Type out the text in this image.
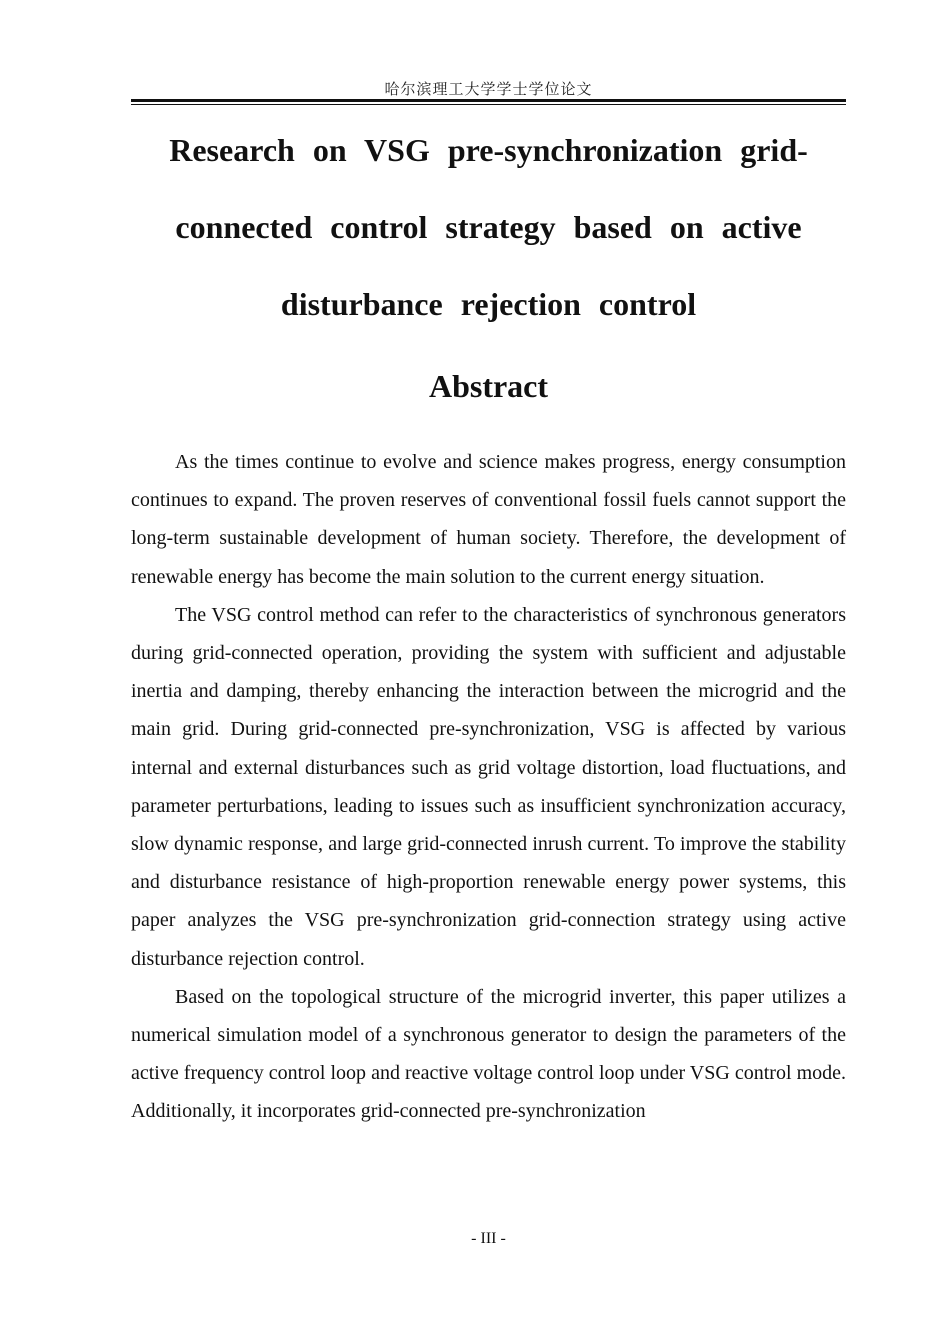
哈尔滨理工大学学士学位论文
Research on VSG pre-synchronization grid-
connected control strategy based on active
disturbance rejection control
Abstract

As the times continue to evolve and science makes progress, energy consumption continues to expand. The proven reserves of conventional fossil fuels cannot support the long-term sustainable development of human society. Therefore, the development of renewable energy has become the main solution to the current energy situation.

The VSG control method can refer to the characteristics of synchronous generators during grid-connected operation, providing the system with sufficient and adjustable inertia and damping, thereby enhancing the interaction between the microgrid and the main grid. During grid-connected pre-synchronization, VSG is affected by various internal and external disturbances such as grid voltage distortion, load fluctuations, and parameter perturbations, leading to issues such as insufficient synchronization accuracy, slow dynamic response, and large grid-connected inrush current. To improve the stability and disturbance resistance of high-proportion renewable energy power systems, this paper analyzes the VSG pre-synchronization grid-connection strategy using active disturbance rejection control.

Based on the topological structure of the microgrid inverter, this paper utilizes a numerical simulation model of a synchronous generator to design the parameters of the active frequency control loop and reactive voltage control loop under VSG control mode. Additionally, it incorporates grid-connected pre-synchronization

- III -
